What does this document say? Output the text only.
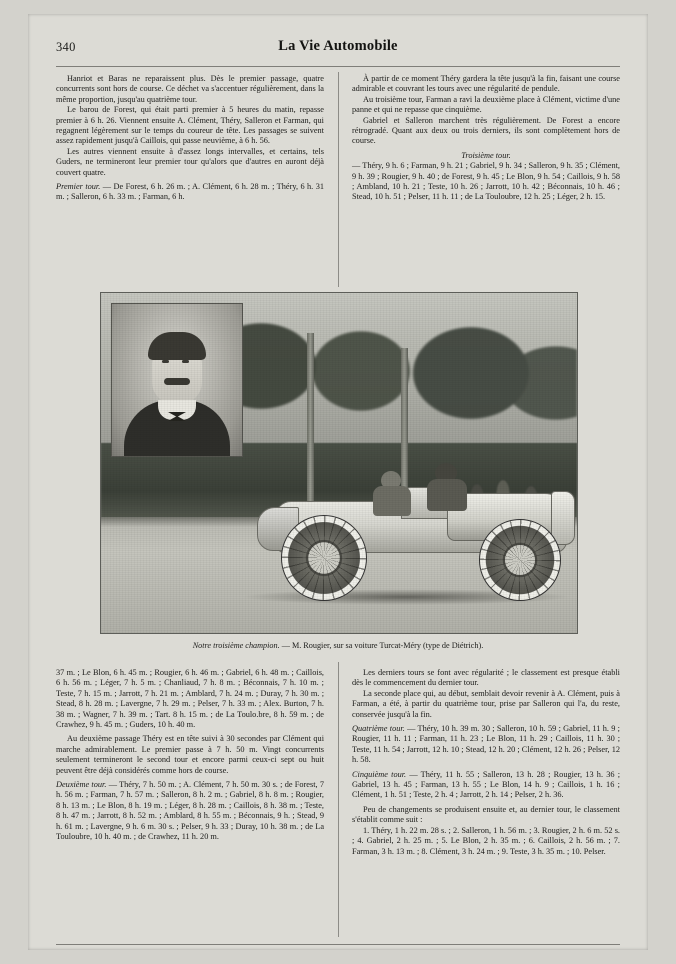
340	La Vie Automobile

Hanriot et Baras ne reparaissent plus. Dès le premier passage, quatre concurrents sont hors de course. Ce déchet va s'accentuer régulièrement, dans la même proportion, jusqu'au quatrième tour.

Le barou de Forest, qui était parti premier à 5 heures du matin, repasse premier à 6 h. 26. Viennent ensuite A. Clément, Théry, Salleron et Farman, qui regagnent légèrement sur le temps du coureur de tête. Les passages se suivent assez rapidement jusqu'à Caillois, qui passe neuvième, à 6 h. 56.

Les autres viennent ensuite à d'assez longs intervalles, et certains, tels Guders, ne termineront leur premier tour qu'alors que d'autres en auront déjà couvert quatre.

Premier tour. — De Forest, 6 h. 26 m. ; A. Clément, 6 h. 28 m. ; Théry, 6 h. 31 m. ; Salleron, 6 h. 33 m. ; Farman, 6 h.

À partir de ce moment Théry gardera la tête jusqu'à la fin, faisant une course admirable et couvrant les tours avec une régularité de pendule.

Au troisième tour, Farman a ravi la deuxième place à Clément, victime d'une panne et qui ne repasse que cinquième.

Gabriel et Salleron marchent très régulièrement. De Forest a encore rétrogradé. Quant aux deux ou trois derniers, ils sont complètement hors de course.

Troisième tour.

— Théry, 9 h. 6 ; Farman, 9 h. 21 ; Gabriel, 9 h. 34 ; Salleron, 9 h. 35 ; Clément, 9 h. 39 ; Rougier, 9 h. 40 ; de Forest, 9 h. 45 ; Le Blon, 9 h. 54 ; Caillois, 9 h. 58 ; Ambland, 10 h. 21 ; Teste, 10 h. 26 ; Jarrott, 10 h. 42 ; Béconnais, 10 h. 46 ; Stead, 10 h. 51 ; Pelser, 11 h. 11 ; de La Touloubre, 12 h. 25 ; Léger, 2 h. 15.

Notre troisième champion. — M. Rougier, sur sa voiture Turcat-Méry (type de Diétrich).

37 m. ; Le Blon, 6 h. 45 m. ; Rougier, 6 h. 46 m. ; Gabriel, 6 h. 48 m. ; Caillois, 6 h. 56 m. ; Léger, 7 h. 5 m. ; Chanliaud, 7 h. 8 m. ; Béconnais, 7 h. 10 m. ; Teste, 7 h. 15 m. ; Jarrott, 7 h. 21 m. ; Amblard, 7 h. 24 m. ; Duray, 7 h. 30 m. ; Stead, 8 h. 28 m. ; Lavergne, 7 h. 29 m. ; Pelser, 7 h. 33 m. ; Alex. Burton, 7 h. 38 m. ; Wagner, 7 h. 39 m. ; Tart. 8 h. 15 m. ; de La Toulo.bre, 8 h. 59 m. ; de Crawhez, 9 h. 45 m. ; Guders, 10 h. 40 m.

Au deuxième passage Théry est en tête suivi à 30 secondes par Clément qui marche admirablement. Le premier passe à 7 h. 50 m. Vingt concurrents seulement termineront le second tour et encore parmi ceux-ci sept ou huit peuvent être déjà considérés comme hors de course.

Deuxième tour. — Théry, 7 h. 50 m. ; A. Clément, 7 h. 50 m. 30 s. ; de Forest, 7 h. 56 m. ; Farman, 7 h. 57 m. ; Salleron, 8 h. 2 m. ; Gabriel, 8 h. 8 m. ; Rougier, 8 h. 13 m. ; Le Blon, 8 h. 19 m. ; Léger, 8 h. 28 m. ; Caillois, 8 h. 38 m. ; Teste, 8 h. 47 m. ; Jarrott, 8 h. 52 m. ; Amblard, 8 h. 55 m. ; Béconnais, 9 h. ; Stead, 9 h. 61 m. ; Lavergne, 9 h. 6 m. 30 s. ; Pelser, 9 h. 33 ; Duray, 10 h. 38 m. ; de La Touloubre, 10 h. 40 m. ; de Crawhez, 11 h. 20 m.

Les derniers tours se font avec régularité ; le classement est presque établi dès le commencement du dernier tour.

La seconde place qui, au début, semblait devoir revenir à A. Clément, puis à Farman, a été, à partir du quatrième tour, prise par Salleron qui l'a, du reste, conservée jusqu'à la fin.

Quatrième tour. — Théry, 10 h. 39 m. 30 ; Salleron, 10 h. 59 ; Gabriel, 11 h. 9 ; Rougier, 11 h. 11 ; Farman, 11 h. 23 ; Le Blon, 11 h. 29 ; Caillois, 11 h. 30 ; Teste, 11 h. 54 ; Jarrott, 12 h. 10 ; Stead, 12 h. 20 ; Clément, 12 h. 26 ; Pelser, 12 h. 58.

Cinquième tour. — Théry, 11 h. 55 ; Salleron, 13 h. 28 ; Rougier, 13 h. 36 ; Gabriel, 13 h. 45 ; Farman, 13 h. 55 ; Le Blon, 14 h. 9 ; Caillois, 1 h. 16 ; Clément, 1 h. 51 ; Teste, 2 h. 4 ; Jarrott, 2 h. 14 ; Pelser, 2 h. 36.

Peu de changements se produisent ensuite et, au dernier tour, le classement s'établit comme suit :

1. Théry, 1 h. 22 m. 28 s. ; 2. Salleron, 1 h. 56 m. ; 3. Rougier, 2 h. 6 m. 52 s. ; 4. Gabriel, 2 h. 25 m. ; 5. Le Blon, 2 h. 35 m. ; 6. Caillois, 2 h. 56 m. ; 7. Farman, 3 h. 13 m. ; 8. Clément, 3 h. 24 m. ; 9. Teste, 3 h. 35 m. ; 10. Pelser.
